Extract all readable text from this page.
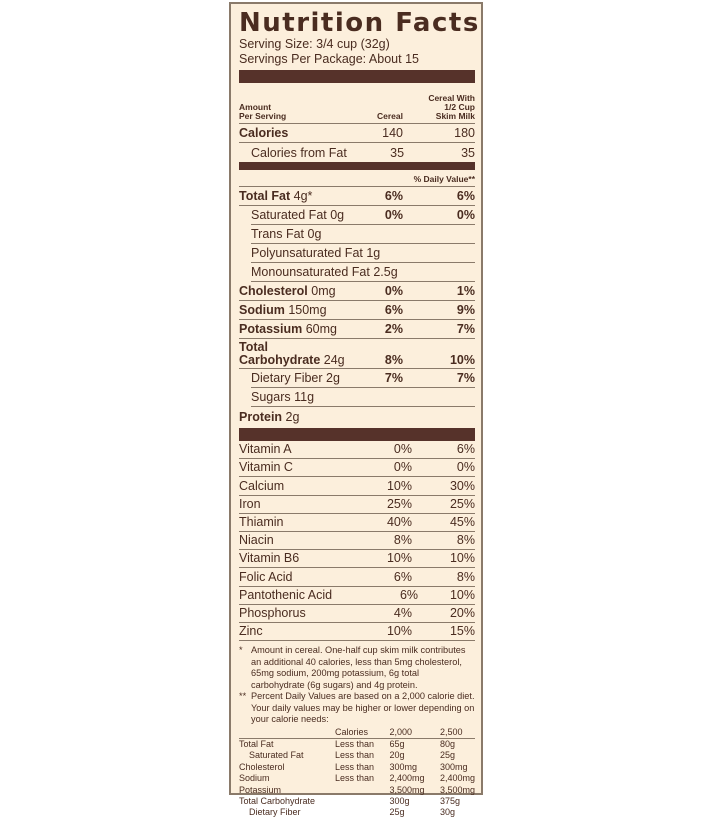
Nutrition Facts
Serving Size: 3/4 cup (32g)
Servings Per Package: About 15
Amount
Per Serving	Cereal
Cereal With
1/2 Cup
Skim Milk
Calories	140	180
Calories from Fat	35	35
% Daily Value**
Total Fat 4g*	6%	6%
Saturated Fat 0g	0%	0%
Trans Fat 0g
Polyunsaturated Fat 1g
Monounsaturated Fat 2.5g
Cholesterol 0mg	0%	1%
Sodium 150mg	6%	9%
Potassium 60mg	2%	7%
Total
Carbohydrate 24g	8%	10%
Dietary Fiber 2g	7%	7%
Sugars 11g
Protein 2g
Vitamin A	0%	6%
Vitamin C	0%	0%
Calcium	10%	30%
Iron	25%	25%
Thiamin	40%	45%
Niacin	8%	8%
Vitamin B6	10%	10%
Folic Acid	6%	8%
Pantothenic Acid	6%	10%
Phosphorus	4%	20%
Zinc	10%	15%
* Amount in cereal. One-half cup skim milk contributes an additional 40 calories, less than 5mg cholesterol, 65mg sodium, 200mg potassium, 6g total carbohydrate (6g sugars) and 4g protein.
** Percent Daily Values are based on a 2,000 calorie diet. Your daily values may be higher or lower depending on your calorie needs:
	Calories	2,000	2,500
Total Fat	Less than	65g	80g
Saturated Fat	Less than	20g	25g
Cholesterol	Less than	300mg	300mg
Sodium	Less than	2,400mg	2,400mg
Potassium		3,500mg	3,500mg
Total Carbohydrate		300g	375g
Dietary Fiber		25g	30g
